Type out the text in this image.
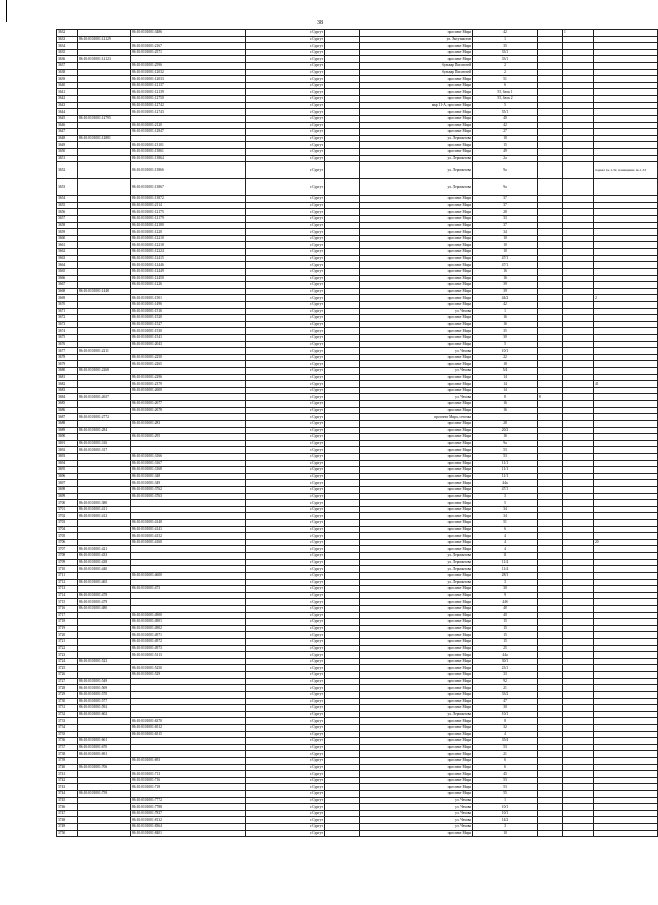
38
3632		86:10:0101001:3486	г.Сургут		проспект Мира	42		1	
3633	86:10:0101001:12129		г.Сургут		ул. Энтузиастов	1			
3634		86:10:0101001:2167	г.Сургут		проспект Мира	35			
3635		86:10:0101001:2571	г.Сургут		проспект Мира	33/1			
3636	86:10:0101001:12123		г.Сургут		проспект Мира	33/1			
3637		86:10:0101001:2596	г.Сургут		бульвар Писателей	2			
3638		86:10:0101001:12032	г.Сургут		бульвар Писателей	2			
3639		86:10:0101001:12033	г.Сургут		проспект Мира	51			
3640		86:10:0101001:12137	г.Сургут		проспект Мира	6			
3641		86:10:0101001:12139	г.Сургут		проспект Мира	55, блок 1			
3642		86:10:0101001:12750	г.Сургут		проспект Мира	55, блок 2			
3643		86:10:0101001:12742	г.Сургут		мкр 11-А, проспект Мира	5			
3644		86:10:0101001:12743	г.Сургут		проспект Мира	55/1			
3645	86:10:0101001:12795		г.Сургут		проспект Мира	40			
3646		86:10:0101001:2120	г.Сургут		проспект Мира	42			
3647		86:10:0101001:12847	г.Сургут		проспект Мира	27			
3648	86:10:0101001:12881		г.Сургут		ул. Лермонтова	10			
3649		86:10:0101001:13101	г.Сургут		проспект Мира	15			
3650		86:10:0101001:13861	г.Сургут		проспект Мира	49			
3651		86:10:0101001:13864	г.Сургут		ул. Лермонтова	2а			
3652		86:10:0101001:13866	г.Сургут		ул. Лермонтова	9а			подвал 1к-1-32, помещение 1к-1-33

3653		86:10:0101001:13867	г.Сургут		ул. Лермонтова	9а			
3654		86:10:0101001:13872	г.Сургут		проспект Мира	37			
3655		86:10:0101001:2114	г.Сургут		проспект Мира	37			
3656		86:10:0101001:12175	г.Сургут		проспект Мира	28			
3657		86:10:0101001:12179	г.Сургут		проспект Мира	33			
3658		86:10:0101001:12180	г.Сургут		проспект Мира	37			
3659		86:10:0101001:1220	г.Сургут		проспект Мира	34			
3660		86:10:0101001:12210	г.Сургут		проспект Мира	10			
3661		86:10:0101001:12218	г.Сургут		проспект Мира	10			
3662		86:10:0101001:12224	г.Сургут		проспект Мира	10			
3663		86:10:0101001:12415	г.Сургут		проспект Мира	47/1			
3664		86:10:0101001:12446	г.Сургут		проспект Мира	47/1			
3665		86:10:0101001:12449	г.Сургут		проспект Мира	16			
3666		86:10:0101001:12450	г.Сургут		проспект Мира	16			
3667		86:10:0101001:1226	г.Сургут		проспект Мира	39			
3668	86:10:0101001:1448		г.Сургут		проспект Мира	39			
3669		86:10:0101001:1501	г.Сургут		проспект Мира	44/2			2
3670		86:10:0101001:1496	г.Сургут		проспект Мира	42			
3671		86:10:0101001:1516	г.Сургут		ул. Чехова	1			
3672		86:10:0101001:1520	г.Сургут		проспект Мира	16			
3673		86:10:0101001:1527	г.Сургут		проспект Мира	16			
3674		86:10:0101001:1530	г.Сургут		проспект Мира	35			
3675		86:10:0101001:1541	г.Сургут		проспект Мира	30			
3676		86:10:0101001:2043	г.Сургут		проспект Мира	5			
3677	86:10:0101001:2211		г.Сургут		ул. Чехова	10/1			
3678		86:10:0101001:2250	г.Сургут		проспект Мира	22			
3679		86:10:0101001:2265	г.Сургут		проспект Мира	18			
3680	86:10:0101001:2268		г.Сургут		ул. Чехова	5/4			
3681		86:10:0101001:2296	г.Сургут		проспект Мира	14			
3682		86:10:0101001:2379	г.Сургут		проспект Мира	14			41
3683		86:10:0101001:2600	г.Сургут		проспект Мира	14			
3684	86:10:0101001:2657		г.Сургут		ул. Чехова	8	8		
3685		86:10:0101001:2677	г.Сургут		проспект Мира	16			
3686		86:10:0101001:2678	г.Сургут		проспект Мира	16			
3687	86:10:0101001:2772		г.Сургут		проспект Мира, сеточка				
3688		86:10:0101001:283	г.Сургут		проспект Мира	28			
3689	86:10:0101001:284		г.Сургут		проспект Мира	20/2			
3690		86:10:0101001:295	г.Сургут		проспект Мира	16			
3691	86:10:0101001:316		г.Сургут		проспект Мира	9а			
3692	86:10:0101001:317		г.Сургут		проспект Мира	53			
3693		86:10:0101001:3166	г.Сургут		проспект Мира	53			
3694		86:10:0101001:3167	г.Сургут		проспект Мира	11/1			
3695		86:10:0101001:3168	г.Сургут		проспект Мира	11/1			
3696		86:10:0101001:348	г.Сургут		проспект Мира	11/1			
3697		86:10:0101001:349	г.Сургут		проспект Мира	44а			
3698		86:10:0101001:3762	г.Сургут		проспект Мира	47/1			
3699		86:10:0101001:3763	г.Сургут		проспект Мира	3			
3700	86:10:0101001:380		г.Сургут		проспект Мира	5			
3701	86:10:0101001:411		г.Сургут		проспект Мира	34			
3702	86:10:0101001:412		г.Сургут		проспект Мира	34			
3703		86:10:0101001:4140	г.Сургут		проспект Мира	51			
3704		86:10:0101001:4141	г.Сургут		проспект Мира	6			
3705		86:10:0101001:4152	г.Сургут		проспект Мира	4			
3706		86:10:0101001:4160	г.Сургут		проспект Мира	4			20
3707	86:10:0101001:421		г.Сургут		проспект Мира	4			
3708	86:10:0101001:433		г.Сургут		ул. Лермонтова	11			
3709	86:10:0101001:438		г.Сургут		ул. Лермонтова	11/4			
3710	86:10:0101001:440		г.Сургут		ул. Лермонтова	11/4			
3711		86:10:0101001:4600	г.Сургут		проспект Мира	28/1			
3712	86:10:0101001:465		г.Сургут		ул. Лермонтова	3			
3713		86:10:0101001:473	г.Сургут		проспект Мира	30			
3714	86:10:0101001:478		г.Сургут		проспект Мира	9			
3715	86:10:0101001:479		г.Сургут		проспект Мира	44б			
3716	86:10:0101001:480		г.Сургут		проспект Мира	40			
3717		86:10:0101001:4900	г.Сургут		проспект Мира	40			
3718		86:10:0101001:4901	г.Сургут		проспект Мира	15			
3719		86:10:0101001:4902	г.Сургут		проспект Мира	15			
3720		86:10:0101001:4971	г.Сургут		проспект Мира	15			
3721		86:10:0101001:4972	г.Сургут		проспект Мира	15			
3722		86:10:0101001:4973	г.Сургут		проспект Мира	25			
3723		86:10:0101001:5113	г.Сургут		проспект Мира	44а			
3724	86:10:0101001:523		г.Сургут		проспект Мира	30/1			
3725		86:10:0101001:5250	г.Сургут		проспект Мира	23/1			
3726		86:10:0101001:529	г.Сургут		проспект Мира	33			
3727	86:10:0101001:549		г.Сургут		проспект Мира	92			
3728	86:10:0101001:569		г.Сургут		проспект Мира	21			
3729	86:10:0101001:570		г.Сургут		проспект Мира	33/2			
3730	86:10:0101001:577		г.Сургут		проспект Мира	47			
3731	86:10:0101001:592		г.Сургут		проспект Мира	30			
3732	86:10:0101001:602		г.Сургут		ул. Лермонтова	10/1			
3733		86:10:0101001:6370	г.Сургут		проспект Мира	8			
3734		86:10:0101001:6512	г.Сургут		проспект Мира	32			
3735		86:10:0101001:6515	г.Сургут		проспект Мира	4			
3736	86:10:0101001:661		г.Сургут		проспект Мира	35/4			
3737	86:10:0101001:670		г.Сургут		проспект Мира	53			
3738	86:10:0101001:691		г.Сургут		проспект Мира	21			
3739		86:10:0101001:693	г.Сургут		проспект Мира	6			
3740	86:10:0101001:706		г.Сургут		проспект Мира	6			
3741		86:10:0101001:713	г.Сургут		проспект Мира	45			
3742		86:10:0101001:716	г.Сургут		проспект Мира	53			
3743		86:10:0101001:718	г.Сургут		проспект Мира	53			
3744	86:10:0101001:759		г.Сургут		проспект Мира	55			
3745		86:10:0101001:7772	г.Сургут		ул. Чехова	1			
3746		86:10:0101001:7788	г.Сургут		ул. Чехова	10/1			
3747		86:10:0101001:7837	г.Сургут		ул. Чехова	10/1			
3748		86:10:0101001:8132	г.Сургут		ул. Чехова	14/2			
3749		86:10:0101001:8364	г.Сургут		ул. Чехова	3			
3750		86:10:0101001:8401	г.Сургут		проспект Мира	10			
